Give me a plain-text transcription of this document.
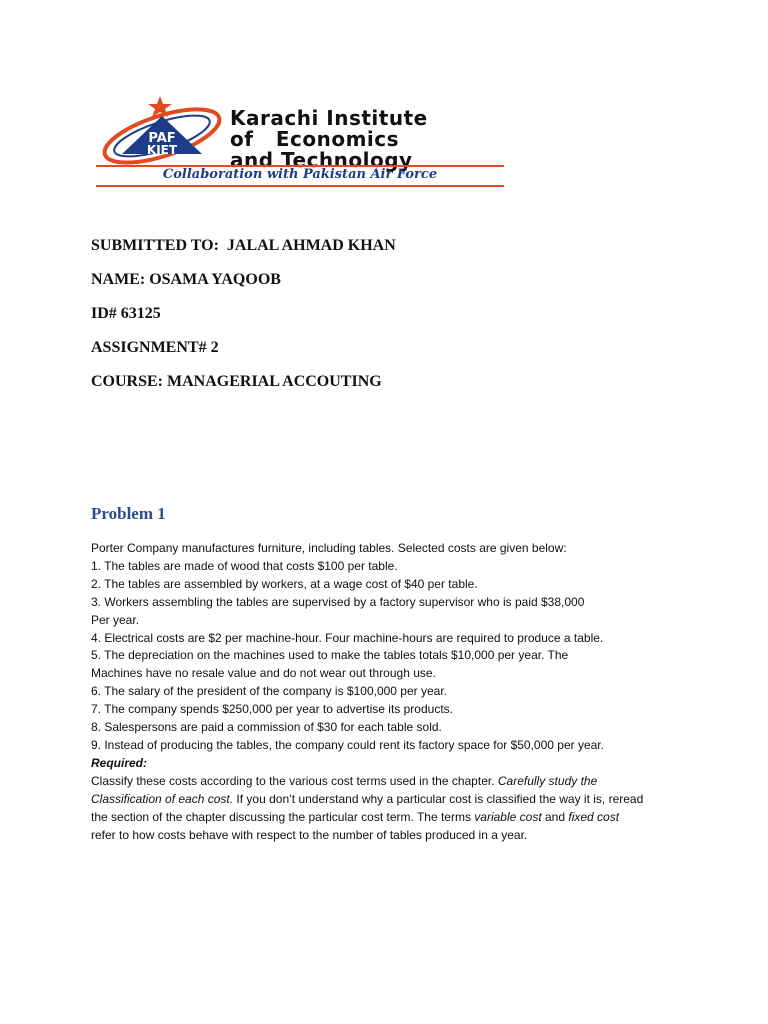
PAF
KIET
Karachi Institute
of   Economics
and Technology
Collaboration with Pakistan Air Force
SUBMITTED TO:  JALAL AHMAD KHAN
NAME: OSAMA YAQOOB
ID# 63125
ASSIGNMENT# 2
COURSE: MANAGERIAL ACCOUTING
Problem 1
Porter Company manufactures furniture, including tables. Selected costs are given below:
1. The tables are made of wood that costs $100 per table.
2. The tables are assembled by workers, at a wage cost of $40 per table.
3. Workers assembling the tables are supervised by a factory supervisor who is paid $38,000
Per year.
4. Electrical costs are $2 per machine-hour. Four machine-hours are required to produce a table.
5. The depreciation on the machines used to make the tables totals $10,000 per year. The
Machines have no resale value and do not wear out through use.
6. The salary of the president of the company is $100,000 per year.
7. The company spends $250,000 per year to advertise its products.
8. Salespersons are paid a commission of $30 for each table sold.
9. Instead of producing the tables, the company could rent its factory space for $50,000 per year.
Required:
Classify these costs according to the various cost terms used in the chapter. Carefully study the
Classification of each cost. If you don’t understand why a particular cost is classified the way it is, reread
the section of the chapter discussing the particular cost term. The terms variable cost and fixed cost
refer to how costs behave with respect to the number of tables produced in a year.
